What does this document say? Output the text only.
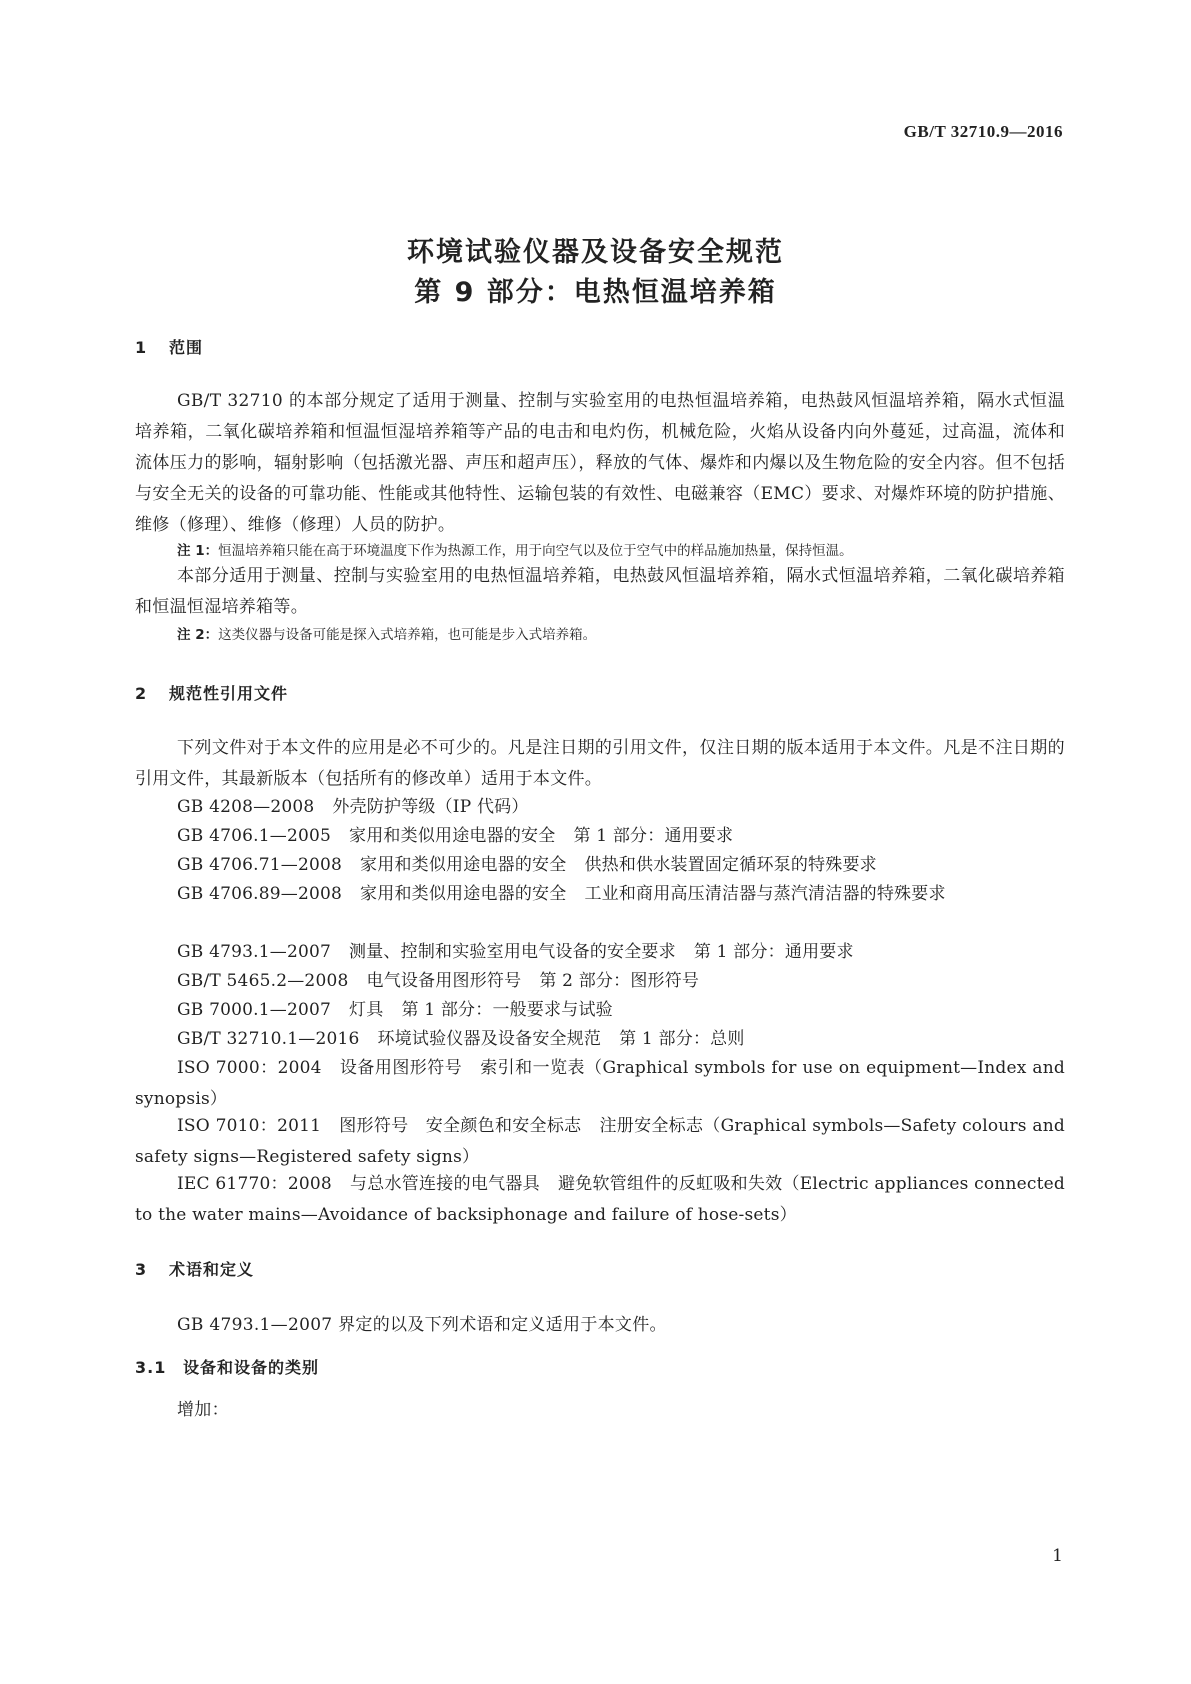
GB/T 32710.9—2016
环境试验仪器及设备安全规范
第 9 部分：电热恒温培养箱
1 范围
GB/T 32710 的本部分规定了适用于测量、控制与实验室用的电热恒温培养箱，电热鼓风恒温培养箱，隔水式恒温培养箱，二氧化碳培养箱和恒温恒湿培养箱等产品的电击和电灼伤，机械危险，火焰从设备内向外蔓延，过高温，流体和流体压力的影响，辐射影响（包括激光器、声压和超声压），释放的气体、爆炸和内爆以及生物危险的安全内容。但不包括与安全无关的设备的可靠功能、性能或其他特性、运输包装的有效性、电磁兼容（EMC）要求、对爆炸环境的防护措施、维修（修理）、维修（修理）人员的防护。
注 1：恒温培养箱只能在高于环境温度下作为热源工作，用于向空气以及位于空气中的样品施加热量，保持恒温。
本部分适用于测量、控制与实验室用的电热恒温培养箱，电热鼓风恒温培养箱，隔水式恒温培养箱，二氧化碳培养箱和恒温恒湿培养箱等。
注 2：这类仪器与设备可能是探入式培养箱，也可能是步入式培养箱。
2 规范性引用文件
下列文件对于本文件的应用是必不可少的。凡是注日期的引用文件，仅注日期的版本适用于本文件。凡是不注日期的引用文件，其最新版本（包括所有的修改单）适用于本文件。
GB 4208—2008 外壳防护等级（IP 代码）
GB 4706.1—2005 家用和类似用途电器的安全 第 1 部分：通用要求
GB 4706.71—2008 家用和类似用途电器的安全 供热和供水装置固定循环泵的特殊要求
GB 4706.89—2008 家用和类似用途电器的安全 工业和商用高压清洁器与蒸汽清洁器的特殊要求
GB 4793.1—2007 测量、控制和实验室用电气设备的安全要求 第 1 部分：通用要求
GB/T 5465.2—2008 电气设备用图形符号 第 2 部分：图形符号
GB 7000.1—2007 灯具 第 1 部分：一般要求与试验
GB/T 32710.1—2016 环境试验仪器及设备安全规范 第 1 部分：总则
ISO 7000：2004 设备用图形符号 索引和一览表（Graphical symbols for use on equipment—Index and synopsis）
ISO 7010：2011 图形符号　安全颜色和安全标志 注册安全标志（Graphical symbols—Safety colours and safety signs—Registered safety signs）
IEC 61770：2008 与总水管连接的电气器具 避免软管组件的反虹吸和失效（Electric appliances connected to the water mains—Avoidance of backsiphonage and failure of hose-sets）
3 术语和定义
GB 4793.1—2007 界定的以及下列术语和定义适用于本文件。
3.1 设备和设备的类别
增加：
1
